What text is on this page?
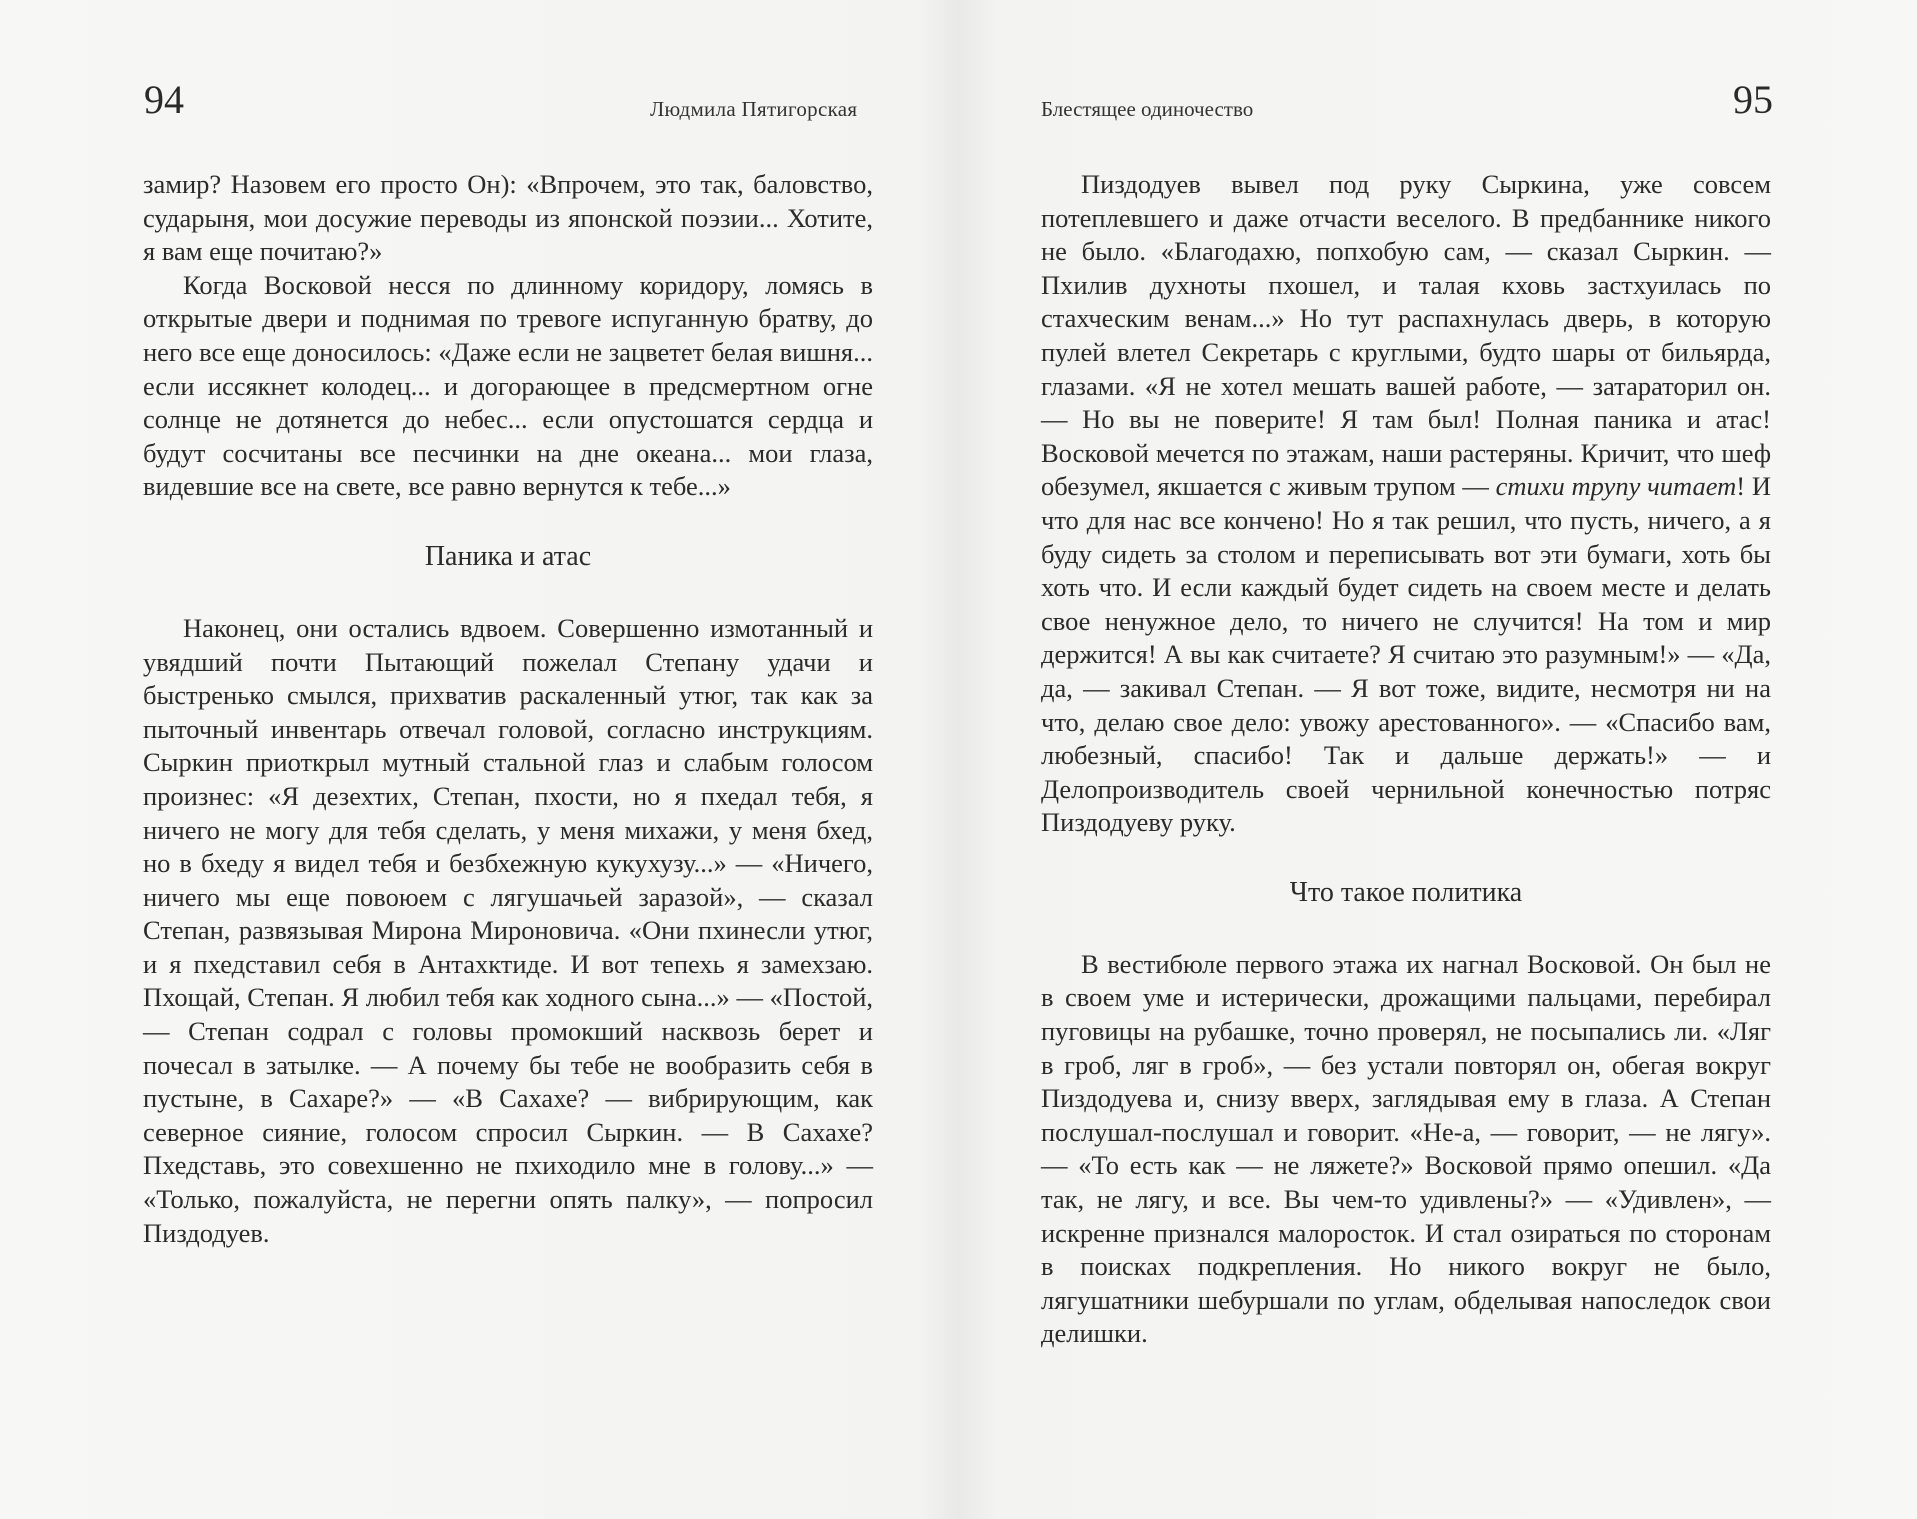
94	Людмила Пятигорская

замир? Назовем его просто Он): «Впрочем, это так, баловство, сударыня, мои досужие переводы из японской поэзии... Хотите, я вам еще почитаю?»

Когда Восковой несся по длинному коридору, ломясь в открытые двери и поднимая по тревоге испуганную братву, до него все еще доносилось: «Даже если не зацветет белая вишня... если иссякнет колодец... и догорающее в предсмертном огне солнце не дотянется до небес... если опустошатся сердца и будут сосчитаны все песчинки на дне океана... мои глаза, видевшие все на свете, все равно вернутся к тебе...»

Паника и атас

Наконец, они остались вдвоем. Совершенно измотанный и увядший почти Пытающий пожелал Степану удачи и быстренько смылся, прихватив раскаленный утюг, так как за пыточный инвентарь отвечал головой, согласно инструкциям. Сыркин приоткрыл мутный стальной глаз и слабым голосом произнес: «Я дезехтих, Степан, пхости, но я пхедал тебя, я ничего не могу для тебя сделать, у меня михажи, у меня бхед, но в бхеду я видел тебя и безбхежную кукухузу...» — «Ничего, ничего мы еще повоюем с лягушачьей заразой», — сказал Степан, развязывая Мирона Мироновича. «Они пхинесли утюг, и я пхедставил себя в Антахктиде. И вот тепехь я замехзаю. Пхощай, Степан. Я любил тебя как ходного сына...» — «Постой, — Степан содрал с головы промокший насквозь берет и почесал в затылке. — А почему бы тебе не вообразить себя в пустыне, в Сахаре?» — «В Сахахе? — вибрирующим, как северное сияние, голосом спросил Сыркин. — В Сахахе? Пхедставь, это совехшенно не пхиходило мне в голову...» — «Только, пожалуйста, не перегни опять палку», — попросил Пиздодуев.

Блестящее одиночество	95

Пиздодуев вывел под руку Сыркина, уже совсем потеплевшего и даже отчасти веселого. В предбаннике никого не было. «Благодахю, попхобую сам, — сказал Сыркин. — Пхилив духноты пхошел, и талая кховь застхуилась по стахческим венам...» Но тут распахнулась дверь, в которую пулей влетел Секретарь с круглыми, будто шары от бильярда, глазами. «Я не хотел мешать вашей работе, — затараторил он. — Но вы не поверите! Я там был! Полная паника и атас! Восковой мечется по этажам, наши растеряны. Кричит, что шеф обезумел, якшается с живым трупом — стихи трупу читает! И что для нас все кончено! Но я так решил, что пусть, ничего, а я буду сидеть за столом и переписывать вот эти бумаги, хоть бы хоть что. И если каждый будет сидеть на своем месте и делать свое ненужное дело, то ничего не случится! На том и мир держится! А вы как считаете? Я считаю это разумным!» — «Да, да, — закивал Степан. — Я вот тоже, видите, несмотря ни на что, делаю свое дело: увожу арестованного». — «Спасибо вам, любезный, спасибо! Так и дальше держать!» — и Делопроизводитель своей чернильной конечностью потряс Пиздодуеву руку.

Что такое политика

В вестибюле первого этажа их нагнал Восковой. Он был не в своем уме и истерически, дрожащими пальцами, перебирал пуговицы на рубашке, точно проверял, не посыпались ли. «Ляг в гроб, ляг в гроб», — без устали повторял он, обегая вокруг Пиздодуева и, снизу вверх, заглядывая ему в глаза. А Степан послушал-послушал и говорит. «Не-а, — говорит, — не лягу». — «То есть как — не ляжете?» Восковой прямо опешил. «Да так, не лягу, и все. Вы чем-то удивлены?» — «Удивлен», — искренне признался малоросток. И стал озираться по сторонам в поисках подкрепления. Но никого вокруг не было, лягушатники шебуршали по углам, обделывая напоследок свои делишки.
